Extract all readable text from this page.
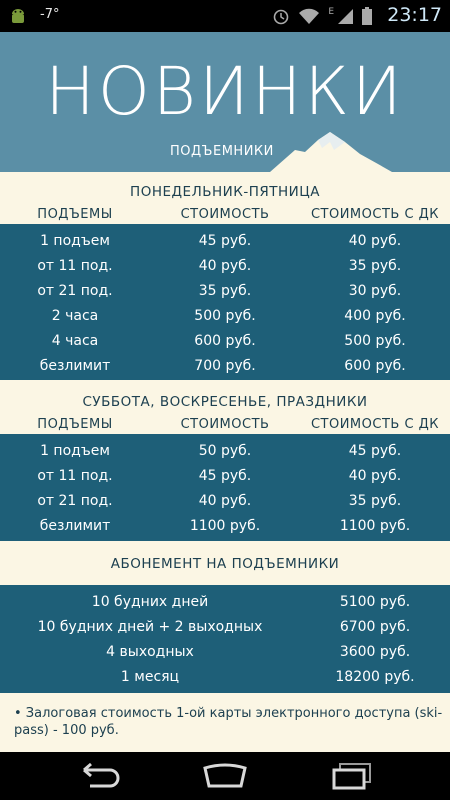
-7°	E	23:17
НОВИНКИ
ПОДЪЕМНИКИ
ПОНЕДЕЛЬНИК-ПЯТНИЦА
ПОДЪЕМЫ	СТОИМОСТЬ	СТОИМОСТЬ С ДК
1 подъем	45 руб.	40 руб.
от 11 под.	40 руб.	35 руб.
от 21 под.	35 руб.	30 руб.
2 часа	500 руб.	400 руб.
4 часа	600 руб.	500 руб.
безлимит	700 руб.	600 руб.
СУББОТА, ВОСКРЕСЕНЬЕ, ПРАЗДНИКИ
ПОДЪЕМЫ	СТОИМОСТЬ	СТОИМОСТЬ С ДК
1 подъем	50 руб.	45 руб.
от 11 под.	45 руб.	40 руб.
от 21 под.	40 руб.	35 руб.
безлимит	1100 руб.	1100 руб.
АБОНЕМЕНТ НА ПОДЪЕМНИКИ
10 будних дней	5100 руб.
10 будних дней + 2 выходных	6700 руб.
4 выходных	3600 руб.
1 месяц	18200 руб.
• Залоговая стоимость 1-ой карты электронного доступа (ski-pass) - 100 руб.
